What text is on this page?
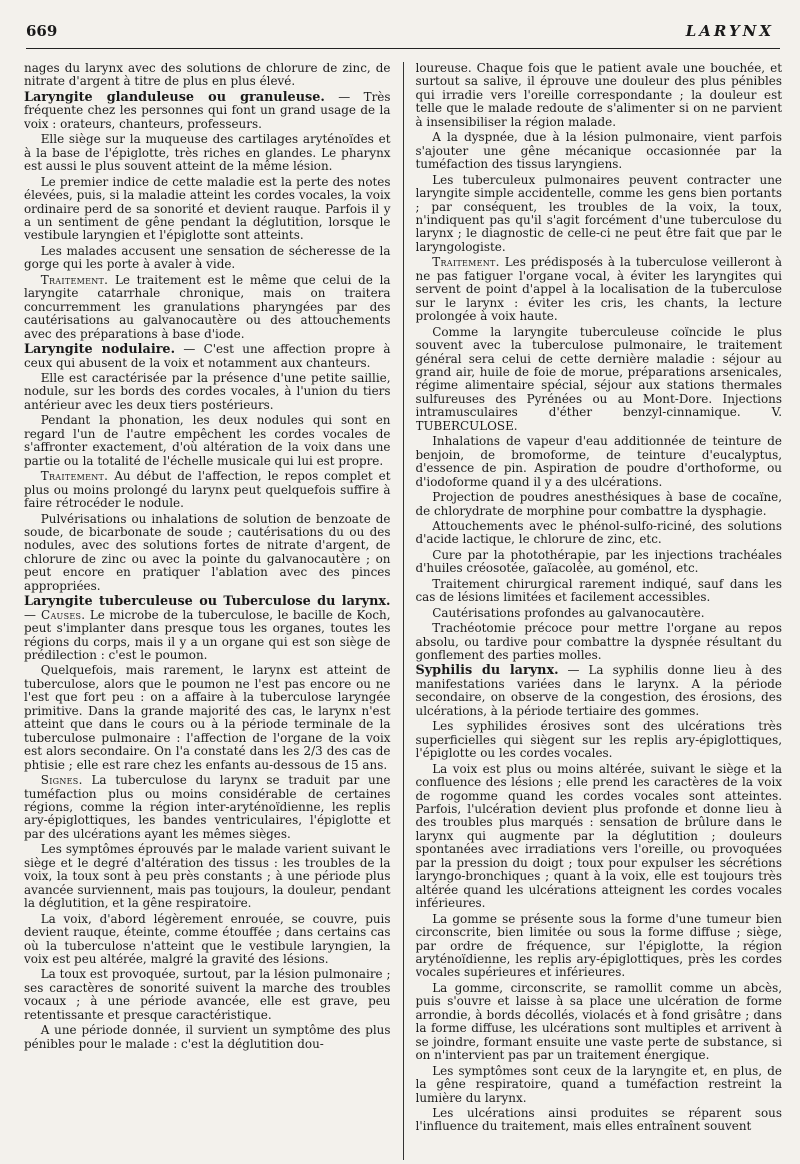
669	LARYNX

nages du larynx avec des solutions de chlorure de zinc, de nitrate d'argent à titre de plus en plus élevé.

Laryngite glanduleuse ou granuleuse. — Très fréquente chez les personnes qui font un grand usage de la voix : orateurs, chanteurs, professeurs.

Elle siège sur la muqueuse des cartilages aryténoïdes et à la base de l'épiglotte, très riches en glandes. Le pharynx est aussi le plus souvent atteint de la même lésion.

Le premier indice de cette maladie est la perte des notes élevées, puis, si la maladie atteint les cordes vocales, la voix ordinaire perd de sa sonorité et devient rauque. Parfois il y a un sentiment de gêne pendant la déglutition, lorsque le vestibule laryngien et l'épiglotte sont atteints.

Les malades accusent une sensation de sécheresse de la gorge qui les porte à avaler à vide.

Traitement. Le traitement est le même que celui de la laryngite catarrhale chronique, mais on traitera concurremment les granulations pharyngées par des cautérisations au galvanocautère ou des attouchements avec des préparations à base d'iode.

Laryngite nodulaire. — C'est une affection propre à ceux qui abusent de la voix et notamment aux chanteurs.

Elle est caractérisée par la présence d'une petite saillie, nodule, sur les bords des cordes vocales, à l'union du tiers antérieur avec les deux tiers postérieurs.

Pendant la phonation, les deux nodules qui sont en regard l'un de l'autre empêchent les cordes vocales de s'affronter exactement, d'où altération de la voix dans une partie ou la totalité de l'échelle musicale qui lui est propre.

Traitement. Au début de l'affection, le repos complet et plus ou moins prolongé du larynx peut quelquefois suffire à faire rétrocéder le nodule.

Pulvérisations ou inhalations de solution de benzoate de soude, de bicarbonate de soude ; cautérisations du ou des nodules, avec des solutions fortes de nitrate d'argent, de chlorure de zinc ou avec la pointe du galvanocautère ; on peut encore en pratiquer l'ablation avec des pinces appropriées.

Laryngite tuberculeuse ou Tuberculose du larynx. — Causes. Le microbe de la tuberculose, le bacille de Koch, peut s'implanter dans presque tous les organes, toutes les régions du corps, mais il y a un organe qui est son siège de prédilection : c'est le poumon.

Quelquefois, mais rarement, le larynx est atteint de tuberculose, alors que le poumon ne l'est pas encore ou ne l'est que fort peu : on a affaire à la tuberculose laryngée primitive. Dans la grande majorité des cas, le larynx n'est atteint que dans le cours ou à la période terminale de la tuberculose pulmonaire : l'affection de l'organe de la voix est alors secondaire. On l'a constaté dans les 2/3 des cas de phtisie ; elle est rare chez les enfants au-dessous de 15 ans.

Signes. La tuberculose du larynx se traduit par une tuméfaction plus ou moins considérable de certaines régions, comme la région inter-aryténoïdienne, les replis ary-épiglottiques, les bandes ventriculaires, l'épiglotte et par des ulcérations ayant les mêmes sièges.

Les symptômes éprouvés par le malade varient suivant le siège et le degré d'altération des tissus : les troubles de la voix, la toux sont à peu près constants ; à une période plus avancée surviennent, mais pas toujours, la douleur, pendant la déglutition, et la gêne respiratoire.

La voix, d'abord légèrement enrouée, se couvre, puis devient rauque, éteinte, comme étouffée ; dans certains cas où la tuberculose n'atteint que le vestibule laryngien, la voix est peu altérée, malgré la gravité des lésions.

La toux est provoquée, surtout, par la lésion pulmonaire ; ses caractères de sonorité suivent la marche des troubles vocaux ; à une période avancée, elle est grave, peu retentissante et presque caractéristique.

A une période donnée, il survient un symptôme des plus pénibles pour le malade : c'est la déglutition dou-

loureuse. Chaque fois que le patient avale une bouchée, et surtout sa salive, il éprouve une douleur des plus pénibles qui irradie vers l'oreille correspondante ; la douleur est telle que le malade redoute de s'alimenter si on ne parvient à insensibiliser la région malade.

A la dyspnée, due à la lésion pulmonaire, vient parfois s'ajouter une gêne mécanique occasionnée par la tuméfaction des tissus laryngiens.

Les tuberculeux pulmonaires peuvent contracter une laryngite simple accidentelle, comme les gens bien portants ; par conséquent, les troubles de la voix, la toux, n'indiquent pas qu'il s'agit forcément d'une tuberculose du larynx ; le diagnostic de celle-ci ne peut être fait que par le laryngologiste.

Traitement. Les prédisposés à la tuberculose veilleront à ne pas fatiguer l'organe vocal, à éviter les laryngites qui servent de point d'appel à la localisation de la tuberculose sur le larynx : éviter les cris, les chants, la lecture prolongée à voix haute.

Comme la laryngite tuberculeuse coïncide le plus souvent avec la tuberculose pulmonaire, le traitement général sera celui de cette dernière maladie : séjour au grand air, huile de foie de morue, préparations arsenicales, régime alimentaire spécial, séjour aux stations thermales sulfureuses des Pyrénées ou au Mont-Dore. Injections intramusculaires d'éther benzyl-cinnamique. V. TUBERCULOSE.

Inhalations de vapeur d'eau additionnée de teinture de benjoin, de bromoforme, de teinture d'eucalyptus, d'essence de pin. Aspiration de poudre d'orthoforme, ou d'iodoforme quand il y a des ulcérations.

Projection de poudres anesthésiques à base de cocaïne, de chlorydrate de morphine pour combattre la dysphagie.

Attouchements avec le phénol-sulfo-riciné, des solutions d'acide lactique, le chlorure de zinc, etc.

Cure par la photothérapie, par les injections trachéales d'huiles créosotée, gaïacolée, au goménol, etc.

Traitement chirurgical rarement indiqué, sauf dans les cas de lésions limitées et facilement accessibles.

Cautérisations profondes au galvanocautère.

Trachéotomie précoce pour mettre l'organe au repos absolu, ou tardive pour combattre la dyspnée résultant du gonflement des parties molles.

Syphilis du larynx. — La syphilis donne lieu à des manifestations variées dans le larynx. A la période secondaire, on observe de la congestion, des érosions, des ulcérations, à la période tertiaire des gommes.

Les syphilides érosives sont des ulcérations très superficielles qui siègent sur les replis ary-épiglottiques, l'épiglotte ou les cordes vocales.

La voix est plus ou moins altérée, suivant le siège et la confluence des lésions ; elle prend les caractères de la voix de rogomme quand les cordes vocales sont atteintes. Parfois, l'ulcération devient plus profonde et donne lieu à des troubles plus marqués : sensation de brûlure dans le larynx qui augmente par la déglutition ; douleurs spontanées avec irradiations vers l'oreille, ou provoquées par la pression du doigt ; toux pour expulser les sécrétions laryngo-bronchiques ; quant à la voix, elle est toujours très altérée quand les ulcérations atteignent les cordes vocales inférieures.

La gomme se présente sous la forme d'une tumeur bien circonscrite, bien limitée ou sous la forme diffuse ; siège, par ordre de fréquence, sur l'épiglotte, la région aryténoïdienne, les replis ary-épiglottiques, près les cordes vocales supérieures et inférieures.

La gomme, circonscrite, se ramollit comme un abcès, puis s'ouvre et laisse à sa place une ulcération de forme arrondie, à bords décollés, violacés et à fond grisâtre ; dans la forme diffuse, les ulcérations sont multiples et arrivent à se joindre, formant ensuite une vaste perte de substance, si on n'intervient pas par un traitement énergique.

Les symptômes sont ceux de la laryngite et, en plus, de la gêne respiratoire, quand a tuméfaction restreint la lumière du larynx.

Les ulcérations ainsi produites se réparent sous l'influence du traitement, mais elles entraînent souvent
